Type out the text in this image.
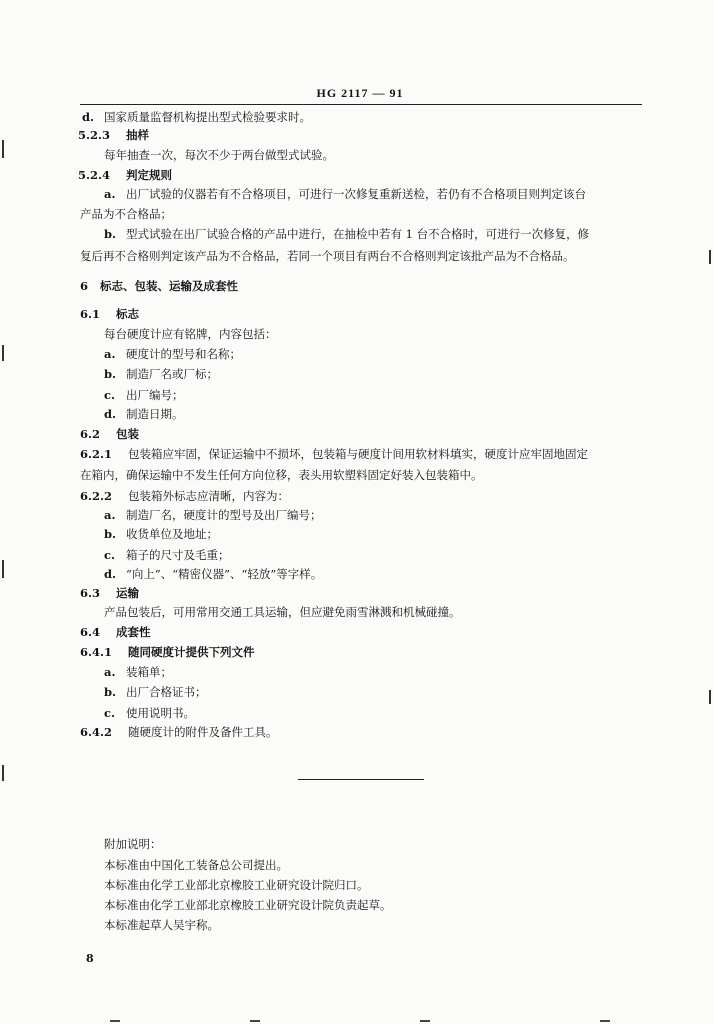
HG 2117 — 91
d. 国家质量监督机构提出型式检验要求时。
5.2.3 抽样
每年抽查一次，每次不少于两台做型式试验。
5.2.4 判定规则
a. 出厂试验的仪器若有不合格项目，可进行一次修复重新送检，若仍有不合格项目则判定该台
产品为不合格品；
b. 型式试验在出厂试验合格的产品中进行，在抽检中若有 1 台不合格时，可进行一次修复，修
复后再不合格则判定该产品为不合格品，若同一个项目有两台不合格则判定该批产品为不合格品。
6 标志、包装、运输及成套性
6.1 标志
每台硬度计应有铭牌，内容包括：
a. 硬度计的型号和名称；
b. 制造厂名或厂标；
c. 出厂编号；
d. 制造日期。
6.2 包装
6.2.1 包装箱应牢固，保证运输中不损坏，包装箱与硬度计间用软材料填实，硬度计应牢固地固定
在箱内，确保运输中不发生任何方向位移，表头用软塑料固定好装入包装箱中。
6.2.2 包装箱外标志应清晰，内容为：
a. 制造厂名，硬度计的型号及出厂编号；
b. 收货单位及地址；
c. 箱子的尺寸及毛重；
d. “向上”、“精密仪器”、“轻放”等字样。
6.3 运输
产品包装后，可用常用交通工具运输，但应避免雨雪淋溅和机械碰撞。
6.4 成套性
6.4.1 随同硬度计提供下列文件
a. 装箱单；
b. 出厂合格证书；
c. 使用说明书。
6.4.2 随硬度计的附件及备件工具。
附加说明：
本标准由中国化工装备总公司提出。
本标准由化学工业部北京橡胶工业研究设计院归口。
本标准由化学工业部北京橡胶工业研究设计院负责起草。
本标准起草人吴宇称。
8
